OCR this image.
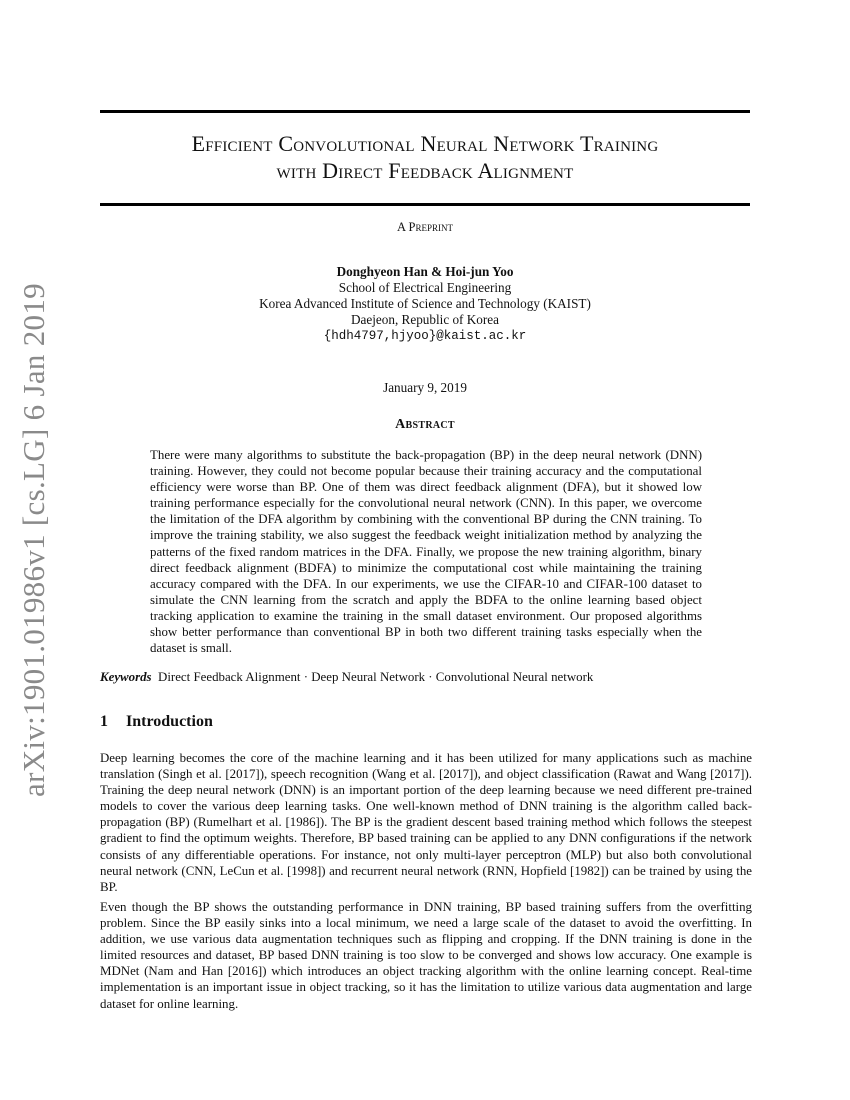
arXiv:1901.01986v1 [cs.LG] 6 Jan 2019
Efficient Convolutional Neural Network Training
with Direct Feedback Alignment
A Preprint
Donghyeon Han & Hoi-jun Yoo
School of Electrical Engineering
Korea Advanced Institute of Science and Technology (KAIST)
Daejeon, Republic of Korea
{hdh4797,hjyoo}@kaist.ac.kr
January 9, 2019
Abstract
There were many algorithms to substitute the back-propagation (BP) in the deep neural network (DNN) training. However, they could not become popular because their training accuracy and the computational efficiency were worse than BP. One of them was direct feedback alignment (DFA), but it showed low training performance especially for the convolutional neural network (CNN). In this paper, we overcome the limitation of the DFA algorithm by combining with the conventional BP during the CNN training. To improve the training stability, we also suggest the feedback weight initialization method by analyzing the patterns of the fixed random matrices in the DFA. Finally, we propose the new training algorithm, binary direct feedback alignment (BDFA) to minimize the computational cost while maintaining the training accuracy compared with the DFA. In our experiments, we use the CIFAR-10 and CIFAR-100 dataset to simulate the CNN learning from the scratch and apply the BDFA to the online learning based object tracking application to examine the training in the small dataset environment. Our proposed algorithms show better performance than conventional BP in both two different training tasks especially when the dataset is small.
Keywords Direct Feedback Alignment · Deep Neural Network · Convolutional Neural network
1 Introduction
Deep learning becomes the core of the machine learning and it has been utilized for many applications such as machine translation (Singh et al. [2017]), speech recognition (Wang et al. [2017]), and object classification (Rawat and Wang [2017]). Training the deep neural network (DNN) is an important portion of the deep learning because we need different pre-trained models to cover the various deep learning tasks. One well-known method of DNN training is the algorithm called back-propagation (BP) (Rumelhart et al. [1986]). The BP is the gradient descent based training method which follows the steepest gradient to find the optimum weights. Therefore, BP based training can be applied to any DNN configurations if the network consists of any differentiable operations. For instance, not only multi-layer perceptron (MLP) but also both convolutional neural network (CNN, LeCun et al. [1998]) and recurrent neural network (RNN, Hopfield [1982]) can be trained by using the BP.
Even though the BP shows the outstanding performance in DNN training, BP based training suffers from the overfitting problem. Since the BP easily sinks into a local minimum, we need a large scale of the dataset to avoid the overfitting. In addition, we use various data augmentation techniques such as flipping and cropping. If the DNN training is done in the limited resources and dataset, BP based DNN training is too slow to be converged and shows low accuracy. One example is MDNet (Nam and Han [2016]) which introduces an object tracking algorithm with the online learning concept. Real-time implementation is an important issue in object tracking, so it has the limitation to utilize various data augmentation and large dataset for online learning.
